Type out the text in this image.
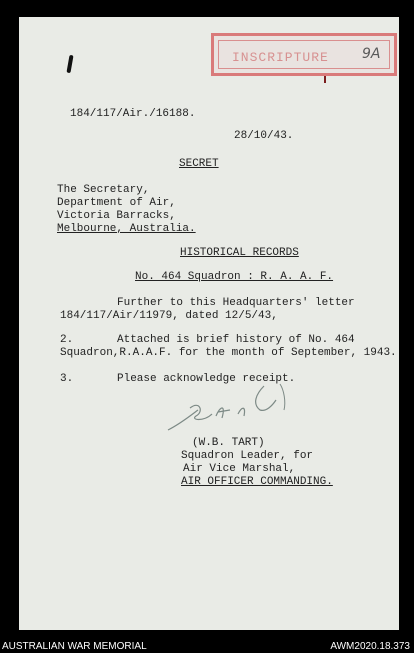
INSCRIPTURE 9A
184/117/Air./16188.
28/10/43.
SECRET
The Secretary,
Department of Air,
Victoria Barracks,
Melbourne, Australia.
HISTORICAL RECORDS
No. 464 Squadron : R. A. A. F.
Further to this Headquarters' letter
184/117/Air/11979, dated 12/5/43,
2.	Attached is brief history of No. 464
Squadron,R.A.A.F. for the month of September, 1943.
3.	Please acknowledge receipt.
(W.B. TART)
Squadron Leader, for
Air Vice Marshal,
AIR OFFICER COMMANDING.
AUSTRALIAN WAR MEMORIAL	AWM2020.18.373
